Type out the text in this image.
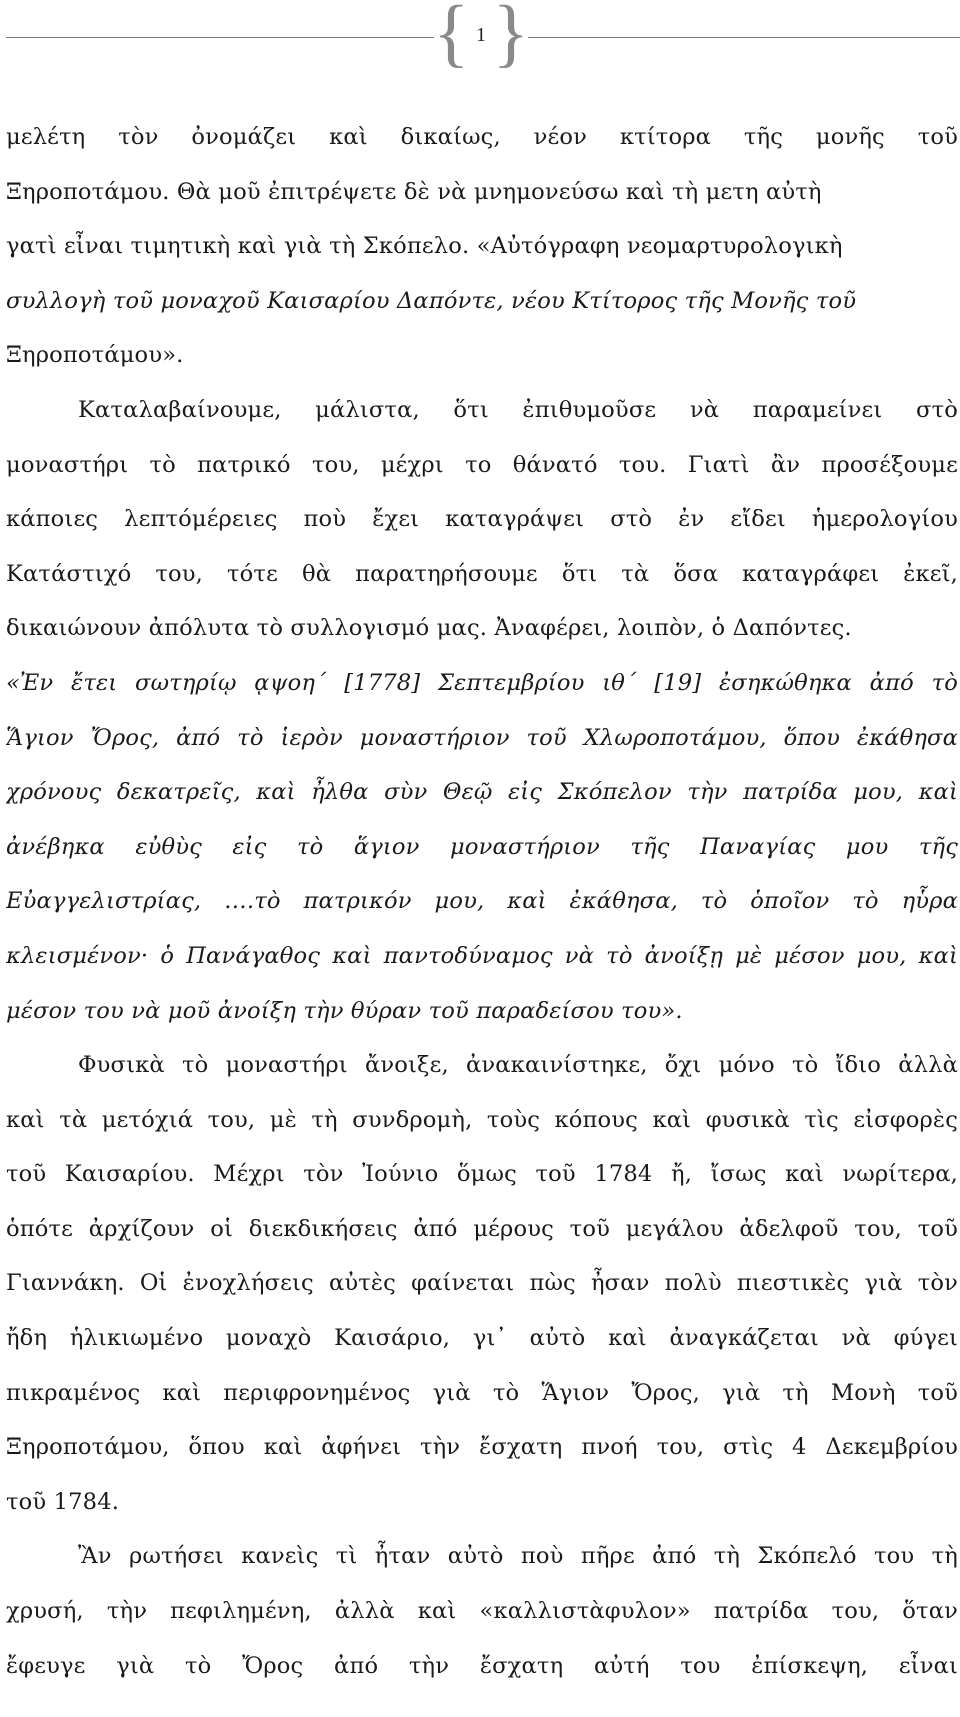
{ 1 }
μελέτη τὸν ὀνομάζει καὶ δικαίως, νέον κτίτορα τῆς μονῆς τοῦ
Ξηροποτάμου. Θὰ μοῦ ἐπιτρέψετε δὲ νὰ μνημονεύσω καὶ τὴ μετη αὐτὴ
γατὶ εἶναι τιμητικὴ καὶ γιὰ τὴ Σκόπελο. «Αὐτόγραφη νεομαρτυρολογικὴ
συλλογὴ τοῦ μοναχοῦ Καισαρίου Δαπόντε, νέου Κτίτορος τῆς Μονῆς τοῦ
Ξηροποτάμου».
Καταλαβαίνουμε, μάλιστα, ὅτι ἐπιθυμοῦσε νὰ παραμείνει στὸ
μοναστήρι τὸ πατρικό του, μέχρι το θάνατό του. Γιατὶ ἂν προσέξουμε
κάποιες λεπτόμέρειες ποὺ ἔχει καταγράψει στὸ ἐν εἴδει ἡμερολογίου
Κατάστιχό του, τότε θὰ παρατηρήσουμε ὅτι τὰ ὅσα καταγράφει ἐκεῖ,
δικαιώνουν ἀπόλυτα τὸ συλλογισμό μας. Ἀναφέρει, λοιπὸν, ὁ Δαπόντες.
«Ἐν ἔτει σωτηρίῳ ᾳψοη΄ [1778] Σεπτεμβρίου ιθ΄ [19] ἐσηκώθηκα ἀπό τὸ
Ἅγιον Ὄρος, ἀπό τὸ ἱερὸν μοναστήριον τοῦ Χλωροποτάμου, ὅπου ἐκάθησα
χρόνους δεκατρεῖς, καὶ ἦλθα σὺν Θεῷ εἰς Σκόπελον τὴν πατρίδα μου, καὶ
ἀνέβηκα εὐθὺς εἰς τὸ ἅγιον μοναστήριον τῆς Παναγίας μου τῆς
Εὐαγγελιστρίας, ….τὸ πατρικόν μου, καὶ ἐκάθησα, τὸ ὁποῖον τὸ ηὗρα
κλεισμένον· ὁ Πανάγαθος καὶ παντοδύναμος νὰ τὸ ἀνοίξῃ μὲ μέσον μου, καὶ
μέσον του νὰ μοῦ ἀνοίξη τὴν θύραν τοῦ παραδείσου του».
Φυσικὰ τὸ μοναστήρι ἄνοιξε, ἀνακαινίστηκε, ὄχι μόνο τὸ ἴδιο ἀλλὰ
καὶ τὰ μετόχιά του, μὲ τὴ συνδρομὴ, τοὺς κόπους καὶ φυσικὰ τὶς εἰσφορὲς
τοῦ Καισαρίου. Μέχρι τὸν Ἰούνιο ὅμως τοῦ 1784 ἤ, ἴσως καὶ νωρίτερα,
ὁπότε ἀρχίζουν οἱ διεκδικήσεις ἀπό μέρους τοῦ μεγάλου ἀδελφοῦ του, τοῦ
Γιαννάκη. Οἱ ἐνοχλήσεις αὐτὲς φαίνεται πὼς ἦσαν πολὺ πιεστικὲς γιὰ τὸν
ἤδη ἡλικιωμένο μοναχὸ Καισάριο, γι᾽ αὐτὸ καὶ ἀναγκάζεται νὰ φύγει
πικραμένος καὶ περιφρονημένος γιὰ τὸ Ἅγιον Ὄρος, γιὰ τὴ Μονὴ τοῦ
Ξηροποτάμου, ὅπου καὶ ἀφήνει τὴν ἔσχατη πνοή του, στὶς 4 Δεκεμβρίου
τοῦ 1784.
Ἂν ρωτήσει κανεὶς τὶ ἦταν αὐτὸ ποὺ πῆρε ἀπό τὴ Σκόπελό του τὴ
χρυσή, τὴν πεφιλημένη, ἀλλὰ καὶ «καλλιστὰφυλον» πατρίδα του, ὅταν
ἔφευγε γιὰ τὸ Ὄρος ἀπό τὴν ἔσχατη αὐτή του ἐπίσκεψη, εἶναι
